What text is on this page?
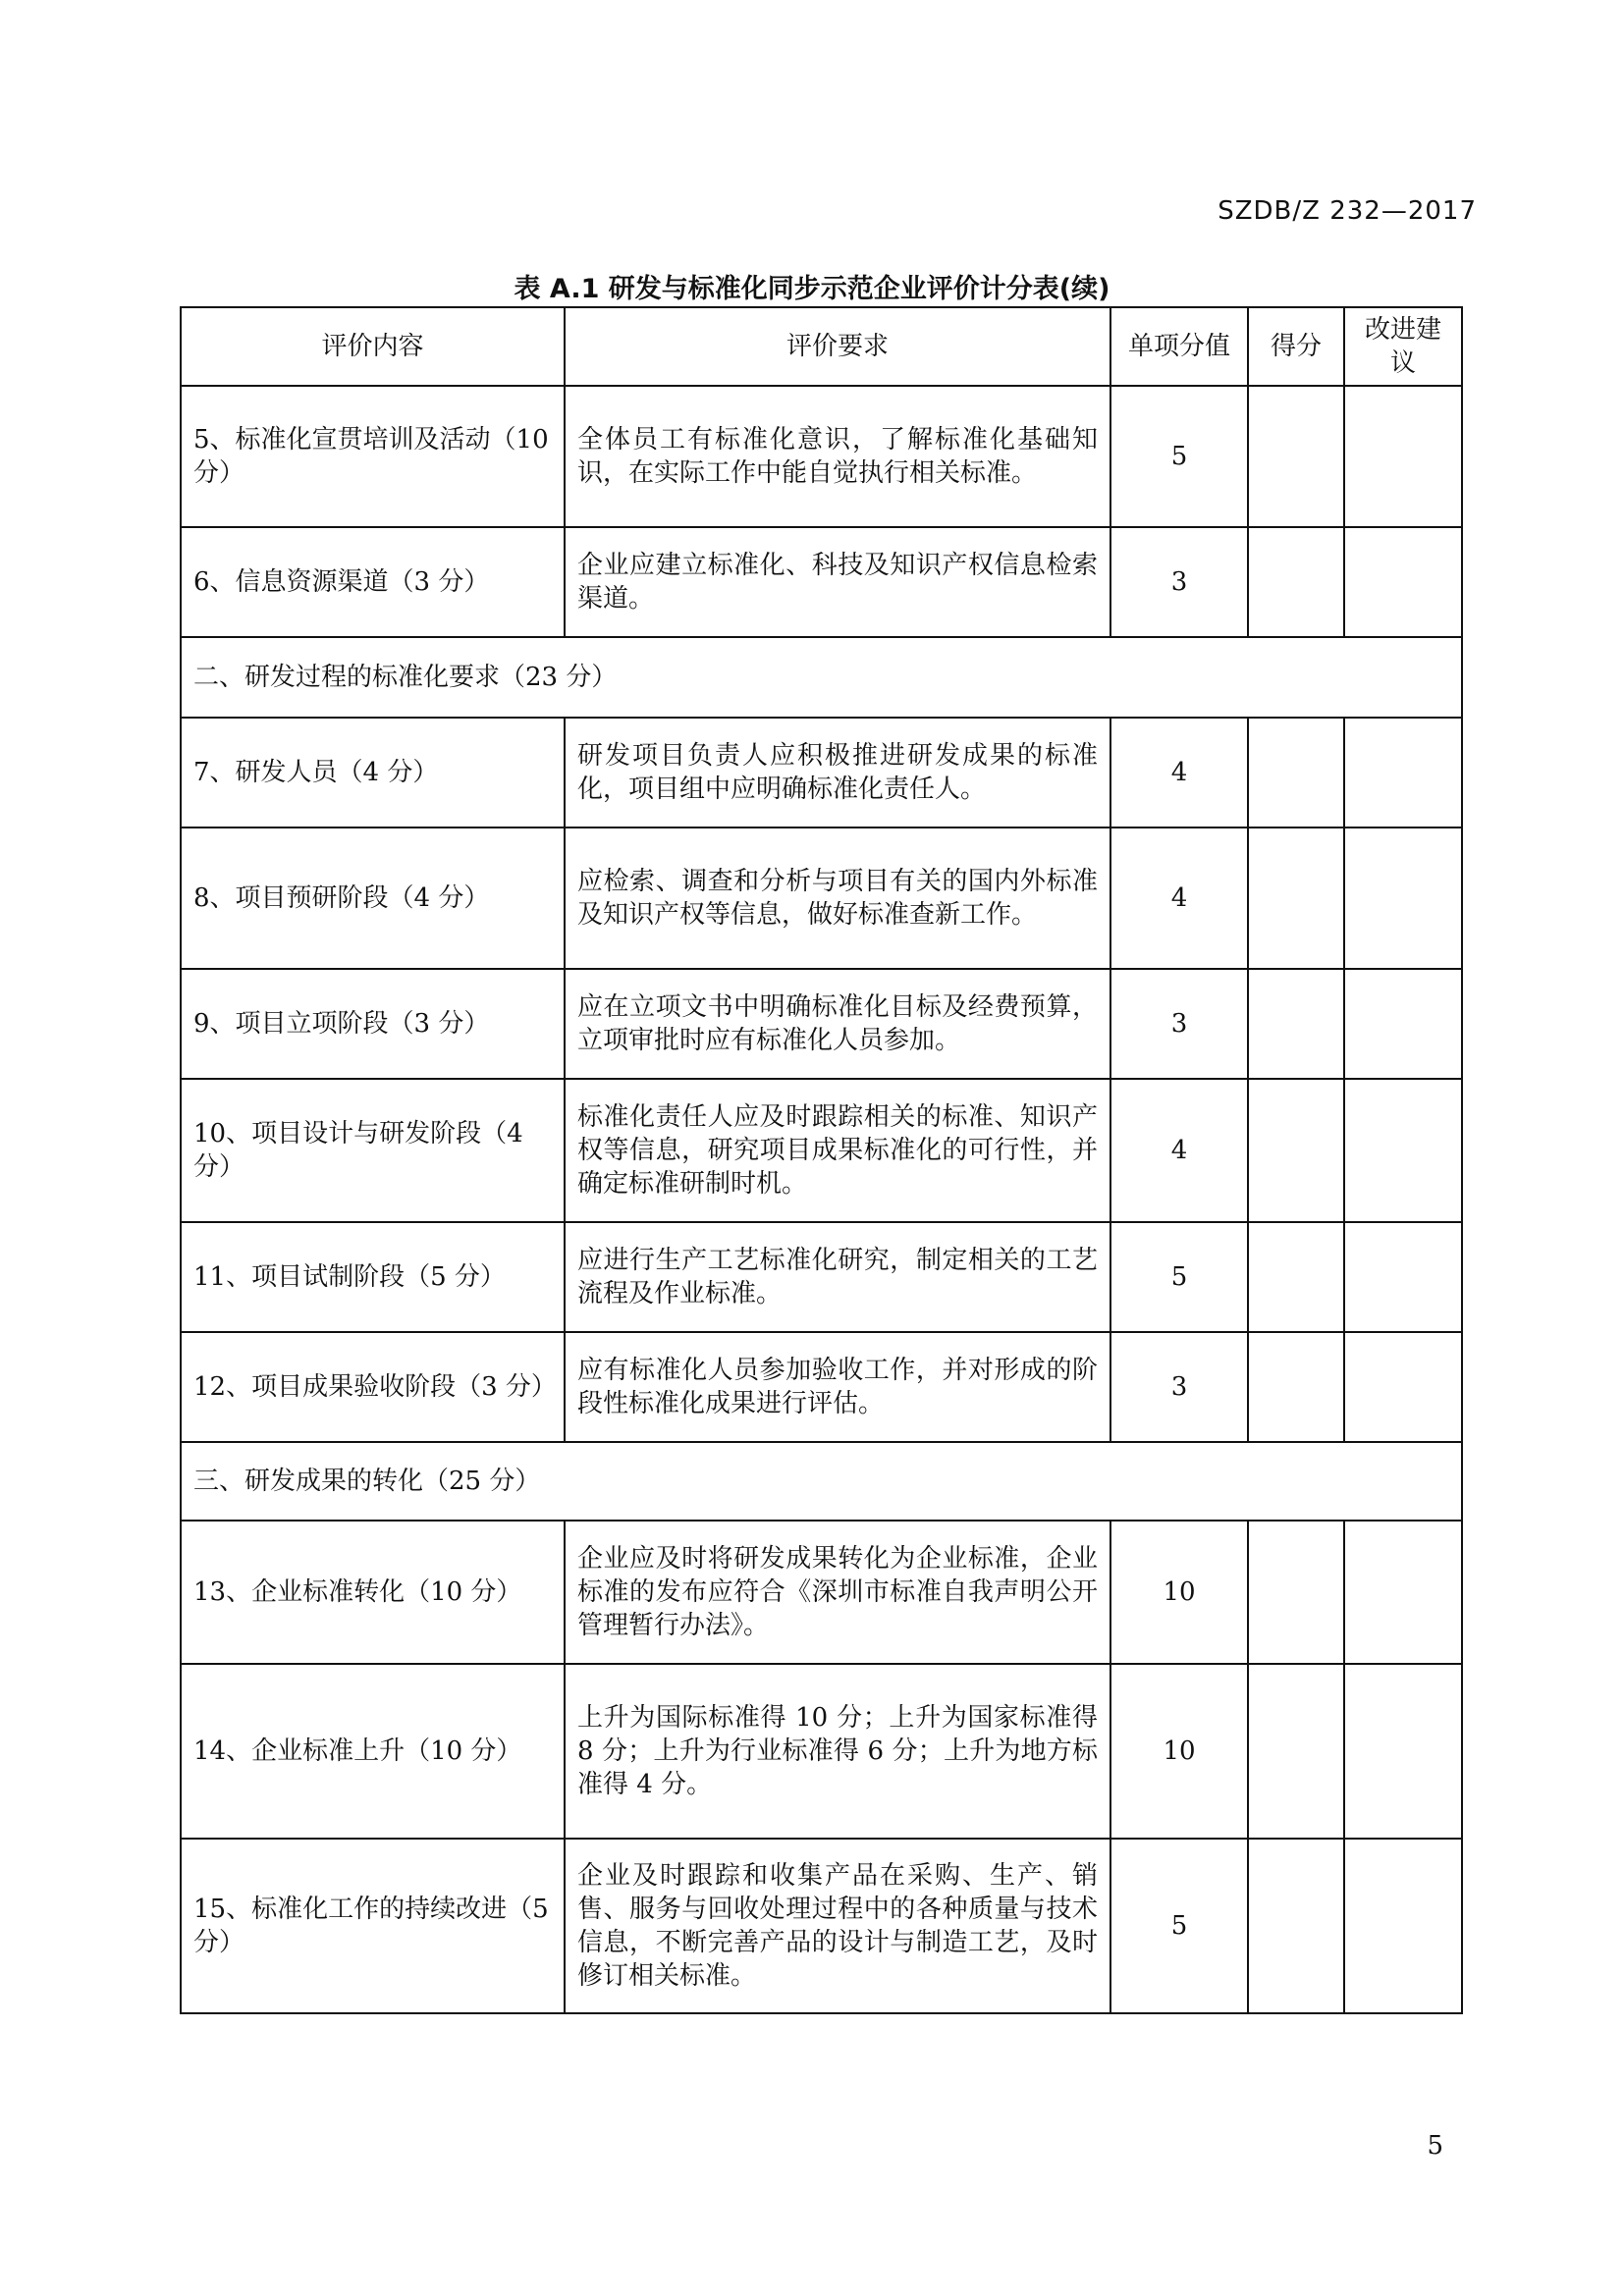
SZDB/Z 232—2017
表 A.1 研发与标准化同步示范企业评价计分表(续)
评价内容	评价要求	单项分值	得分	改进建议
5、标准化宣贯培训及活动（10 分）	全体员工有标准化意识，了解标准化基础知识，在实际工作中能自觉执行相关标准。	5		
6、信息资源渠道（3 分）	企业应建立标准化、科技及知识产权信息检索渠道。	3		
二、研发过程的标准化要求（23 分）				
7、研发人员（4 分）	研发项目负责人应积极推进研发成果的标准化，项目组中应明确标准化责任人。	4		
8、项目预研阶段（4 分）	应检索、调查和分析与项目有关的国内外标准及知识产权等信息，做好标准查新工作。	4		
9、项目立项阶段（3 分）	应在立项文书中明确标准化目标及经费预算，立项审批时应有标准化人员参加。	3		
10、项目设计与研发阶段（4 分）	标准化责任人应及时跟踪相关的标准、知识产权等信息，研究项目成果标准化的可行性，并确定标准研制时机。	4		
11、项目试制阶段（5 分）	应进行生产工艺标准化研究，制定相关的工艺流程及作业标准。	5		
12、项目成果验收阶段（3 分）	应有标准化人员参加验收工作，并对形成的阶段性标准化成果进行评估。	3		
三、研发成果的转化（25 分）				
13、企业标准转化（10 分）	企业应及时将研发成果转化为企业标准，企业标准的发布应符合《深圳市标准自我声明公开管理暂行办法》。	10		
14、企业标准上升（10 分）	上升为国际标准得 10 分；上升为国家标准得 8 分；上升为行业标准得 6 分；上升为地方标准得 4 分。	10		
15、标准化工作的持续改进（5 分）	企业及时跟踪和收集产品在采购、生产、销售、服务与回收处理过程中的各种质量与技术信息，不断完善产品的设计与制造工艺，及时修订相关标准。	5		
5
